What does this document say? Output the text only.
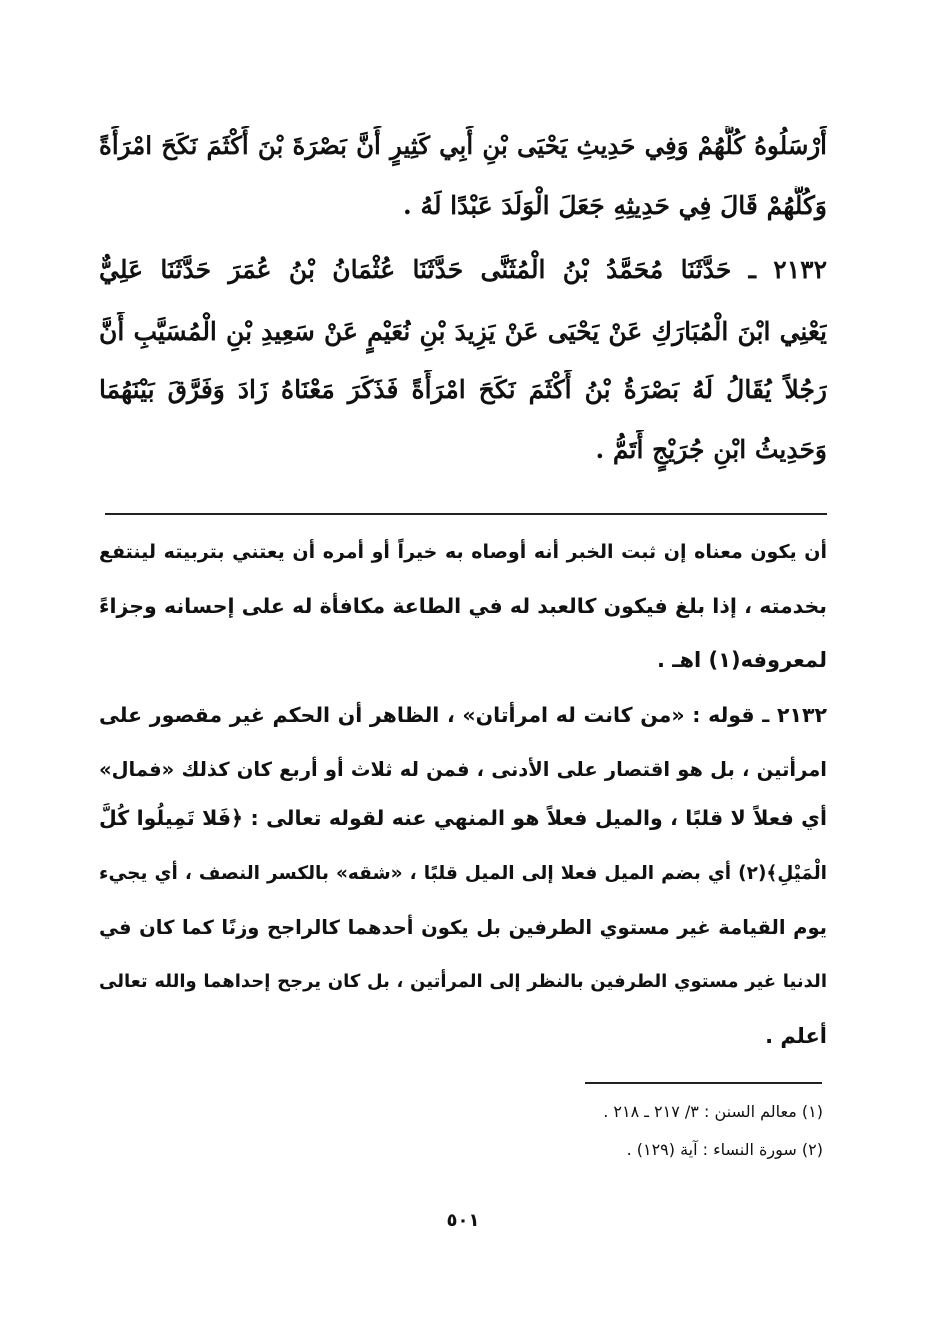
أَرْسَلُوهُ كُلُّهُمْ وَفِي حَدِيثِ يَحْيَى بْنِ أَبِي كَثِيرٍ أَنَّ بَصْرَةَ بْنَ أَكْثَمَ نَكَحَ امْرَأَةً
وَكُلُّهُمْ قَالَ فِي حَدِيثِهِ جَعَلَ الْوَلَدَ عَبْدًا لَهُ .
٢١٣٢ ـ حَدَّثَنَا مُحَمَّدُ بْنُ الْمُثَنَّى حَدَّثَنَا عُثْمَانُ بْنُ عُمَرَ حَدَّثَنَا عَلِيٌّ
يَعْنِي ابْنَ الْمُبَارَكِ عَنْ يَحْيَى عَنْ يَزِيدَ بْنِ نُعَيْمٍ عَنْ سَعِيدِ بْنِ الْمُسَيَّبِ أَنَّ
رَجُلاً يُقَالُ لَهُ بَصْرَةُ بْنُ أَكْثَمَ نَكَحَ امْرَأَةً فَذَكَرَ مَعْنَاهُ زَادَ وَفَرَّقَ بَيْنَهُمَا
وَحَدِيثُ ابْنِ جُرَيْجٍ أَتَمُّ .
أن يكون معناه إن ثبت الخبر أنه أوصاه به خيراً أو أمره أن يعتني بتربيته لينتفع
بخدمته ، إذا بلغ فيكون كالعبد له في الطاعة مكافأة له على إحسانه وجزاءً
لمعروفه(١) اهـ .
٢١٣٢ ـ قوله : «من كانت له امرأتان» ، الظاهر أن الحكم غير مقصور على
امرأتين ، بل هو اقتصار على الأدنى ، فمن له ثلاث أو أربع كان كذلك «فمال»
أي فعلاً لا قلبًا ، والميل فعلاً هو المنهي عنه لقوله تعالى : ﴿فَلا تَمِيلُوا كُلَّ
الْمَيْلِ﴾(٢) أي بضم الميل فعلا إلى الميل قلبًا ، «شقه» بالكسر النصف ، أي يجيء
يوم القيامة غير مستوي الطرفين بل يكون أحدهما كالراجح وزنًا كما كان في
الدنيا غير مستوي الطرفين بالنظر إلى المرأتين ، بل كان يرجح إحداهما والله تعالى
أعلم .
(١) معالم السنن : ٣/ ٢١٧ ـ ٢١٨ .
(٢) سورة النساء : آية (١٢٩) .
٥٠١
